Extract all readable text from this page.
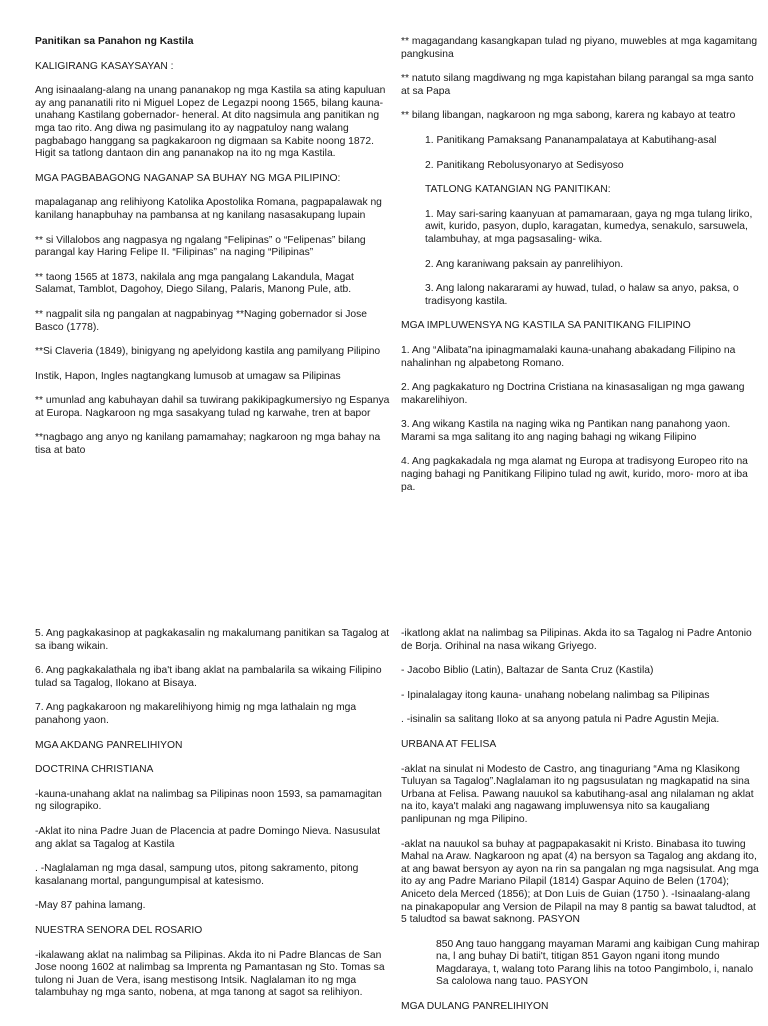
Panitikan sa Panahon ng Kastila

KALIGIRANG KASAYSAYAN :

Ang isinaalang-alang na unang pananakop ng mga Kastila sa ating kapuluan ay ang pananatili rito ni Miguel Lopez de Legazpi noong 1565, bilang kauna-unahang Kastilang gobernador- heneral. At dito nagsimula ang panitikan ng mga tao rito. Ang diwa ng pasimulang ito ay nagpatuloy nang walang pagbabago hanggang sa pagkakaroon ng digmaan sa Kabite noong 1872. Higit sa tatlong dantaon din ang pananakop na ito ng mga Kastila.

MGA PAGBABAGONG NAGANAP SA BUHAY NG MGA PILIPINO:

mapalaganap ang relihiyong Katolika Apostolika Romana, pagpapalawak ng kanilang hanapbuhay na pambansa at ng kanilang nasasakupang lupain

** si Villalobos ang nagpasya ng ngalang “Felipinas” o “Felipenas” bilang parangal kay Haring Felipe II. “Filipinas” na naging “Pilipinas”

** taong 1565 at 1873, nakilala ang mga pangalang Lakandula, Magat Salamat, Tamblot, Dagohoy, Diego Silang, Palaris, Manong Pule, atb.

** nagpalit sila ng pangalan at nagpabinyag **Naging gobernador si Jose Basco (1778).

**Si Claveria (1849), binigyang ng apelyidong kastila ang pamilyang Pilipino

Instik, Hapon, Ingles nagtangkang lumusob at umagaw sa Pilipinas

** umunlad ang kabuhayan dahil sa tuwirang pakikipagkumersiyo ng Espanya at Europa. Nagkaroon ng mga sasakyang tulad ng karwahe, tren at bapor

**nagbago ang anyo ng kanilang pamamahay; nagkaroon ng mga bahay na tisa at bato

** magagandang kasangkapan tulad ng piyano, muwebles at mga kagamitang pangkusina

** natuto silang magdiwang ng mga kapistahan bilang parangal sa mga santo at sa Papa

** bilang libangan, nagkaroon ng mga sabong, karera ng kabayo at teatro

1. Panitikang Pamaksang Pananampalataya at Kabutihang-asal

2. Panitikang Rebolusyonaryo at Sedisyoso

TATLONG KATANGIAN NG PANITIKAN:

1. May sari-saring kaanyuan at pamamaraan, gaya ng mga tulang liriko, awit, kurido, pasyon, duplo, karagatan, kumedya, senakulo, sarsuwela, talambuhay, at mga pagsasaling- wika.

2. Ang karaniwang paksain ay panrelihiyon.

3. Ang lalong nakararami ay huwad, tulad, o halaw sa anyo, paksa, o tradisyong kastila.

MGA IMPLUWENSYA NG KASTILA SA PANITIKANG FILIPINO

1. Ang “Alibata”na ipinagmamalaki kauna-unahang abakadang Filipino na nahalinhan ng alpabetong Romano.

2. Ang pagkakaturo ng Doctrina Cristiana na kinasasaligan ng mga gawang makarelihiyon.

3. Ang wikang Kastila na naging wika ng Pantikan nang panahong yaon. Marami sa mga salitang ito ang naging bahagi ng wikang Filipino

4. Ang pagkakadala ng mga alamat ng Europa at tradisyong Europeo rito na naging bahagi ng Panitikang Filipino tulad ng awit, kurido, moro- moro at iba pa.

5. Ang pagkakasinop at pagkakasalin ng makalumang panitikan sa Tagalog at sa ibang wikain.

6. Ang pagkakalathala ng iba't ibang aklat na pambalarila sa wikaing Filipino tulad sa Tagalog, Ilokano at Bisaya.

7. Ang pagkakaroon ng makarelihiyong himig ng mga lathalain ng mga panahong yaon.

MGA AKDANG PANRELIHIYON

DOCTRINA CHRISTIANA

-kauna-unahang aklat na nalimbag sa Pilipinas noon 1593, sa pamamagitan ng silograpiko.

-Aklat ito nina Padre Juan de Placencia at padre Domingo Nieva. Nasusulat ang aklat sa Tagalog at Kastila

. -Naglalaman ng mga dasal, sampung utos, pitong sakramento, pitong kasalanang mortal, pangungumpisal at katesismo.

-May 87 pahina lamang.

NUESTRA SENORA DEL ROSARIO

-ikalawang aklat na nalimbag sa Pilipinas. Akda ito ni Padre Blancas de San Jose noong 1602 at nalimbag sa Imprenta ng Pamantasan ng Sto. Tomas sa tulong ni Juan de Vera, isang mestisong Intsik. Naglalaman ito ng mga talambuhay ng mga santo, nobena, at mga tanong at sagot sa relihiyon.

-ikatlong aklat na nalimbag sa Pilipinas. Akda ito sa Tagalog ni Padre Antonio de Borja. Orihinal na nasa wikang Griyego.

- Jacobo Biblio (Latin), Baltazar de Santa Cruz (Kastila)

- Ipinalalagay itong kauna- unahang nobelang nalimbag sa Pilipinas

. -isinalin sa salitang Iloko at sa anyong patula ni Padre Agustin Mejia.

URBANA AT FELISA

-aklat na sinulat ni Modesto de Castro, ang tinaguriang “Ama ng Klasikong Tuluyan sa Tagalog”.Naglalaman ito ng pagsusulatan ng magkapatid na sina Urbana at Felisa. Pawang nauukol sa kabutihang-asal ang nilalaman ng aklat na ito, kaya't malaki ang nagawang impluwensya nito sa kaugaliang panlipunan ng mga Pilipino.

-aklat na nauukol sa buhay at pagpapakasakit ni Kristo. Binabasa ito tuwing Mahal na Araw. Nagkaroon ng apat (4) na bersyon sa Tagalog ang akdang ito, at ang bawat bersyon ay ayon na rin sa pangalan ng mga nagsisulat. Ang mga ito ay ang Padre Mariano Pilapil (1814) Gaspar Aquino de Belen (1704); Aniceto dela Merced (1856); at Don Luis de Guian (1750 ). -Isinaalang-alang na pinakapopular ang Version de Pilapil na may 8 pantig sa bawat taludtod, at 5 taludtod sa bawat saknong. PASYON

850 Ang tauo hanggang mayaman Marami ang kaibigan Cung mahirap na, l ang buhay Di batii't, titigan 851 Gayon ngani itong mundo Magdaraya, t, walang toto Parang lihis na totoo Pangimbolo, i, nanalo Sa calolowa nang tauo. PASYON

MGA DULANG PANRELIHIYON
